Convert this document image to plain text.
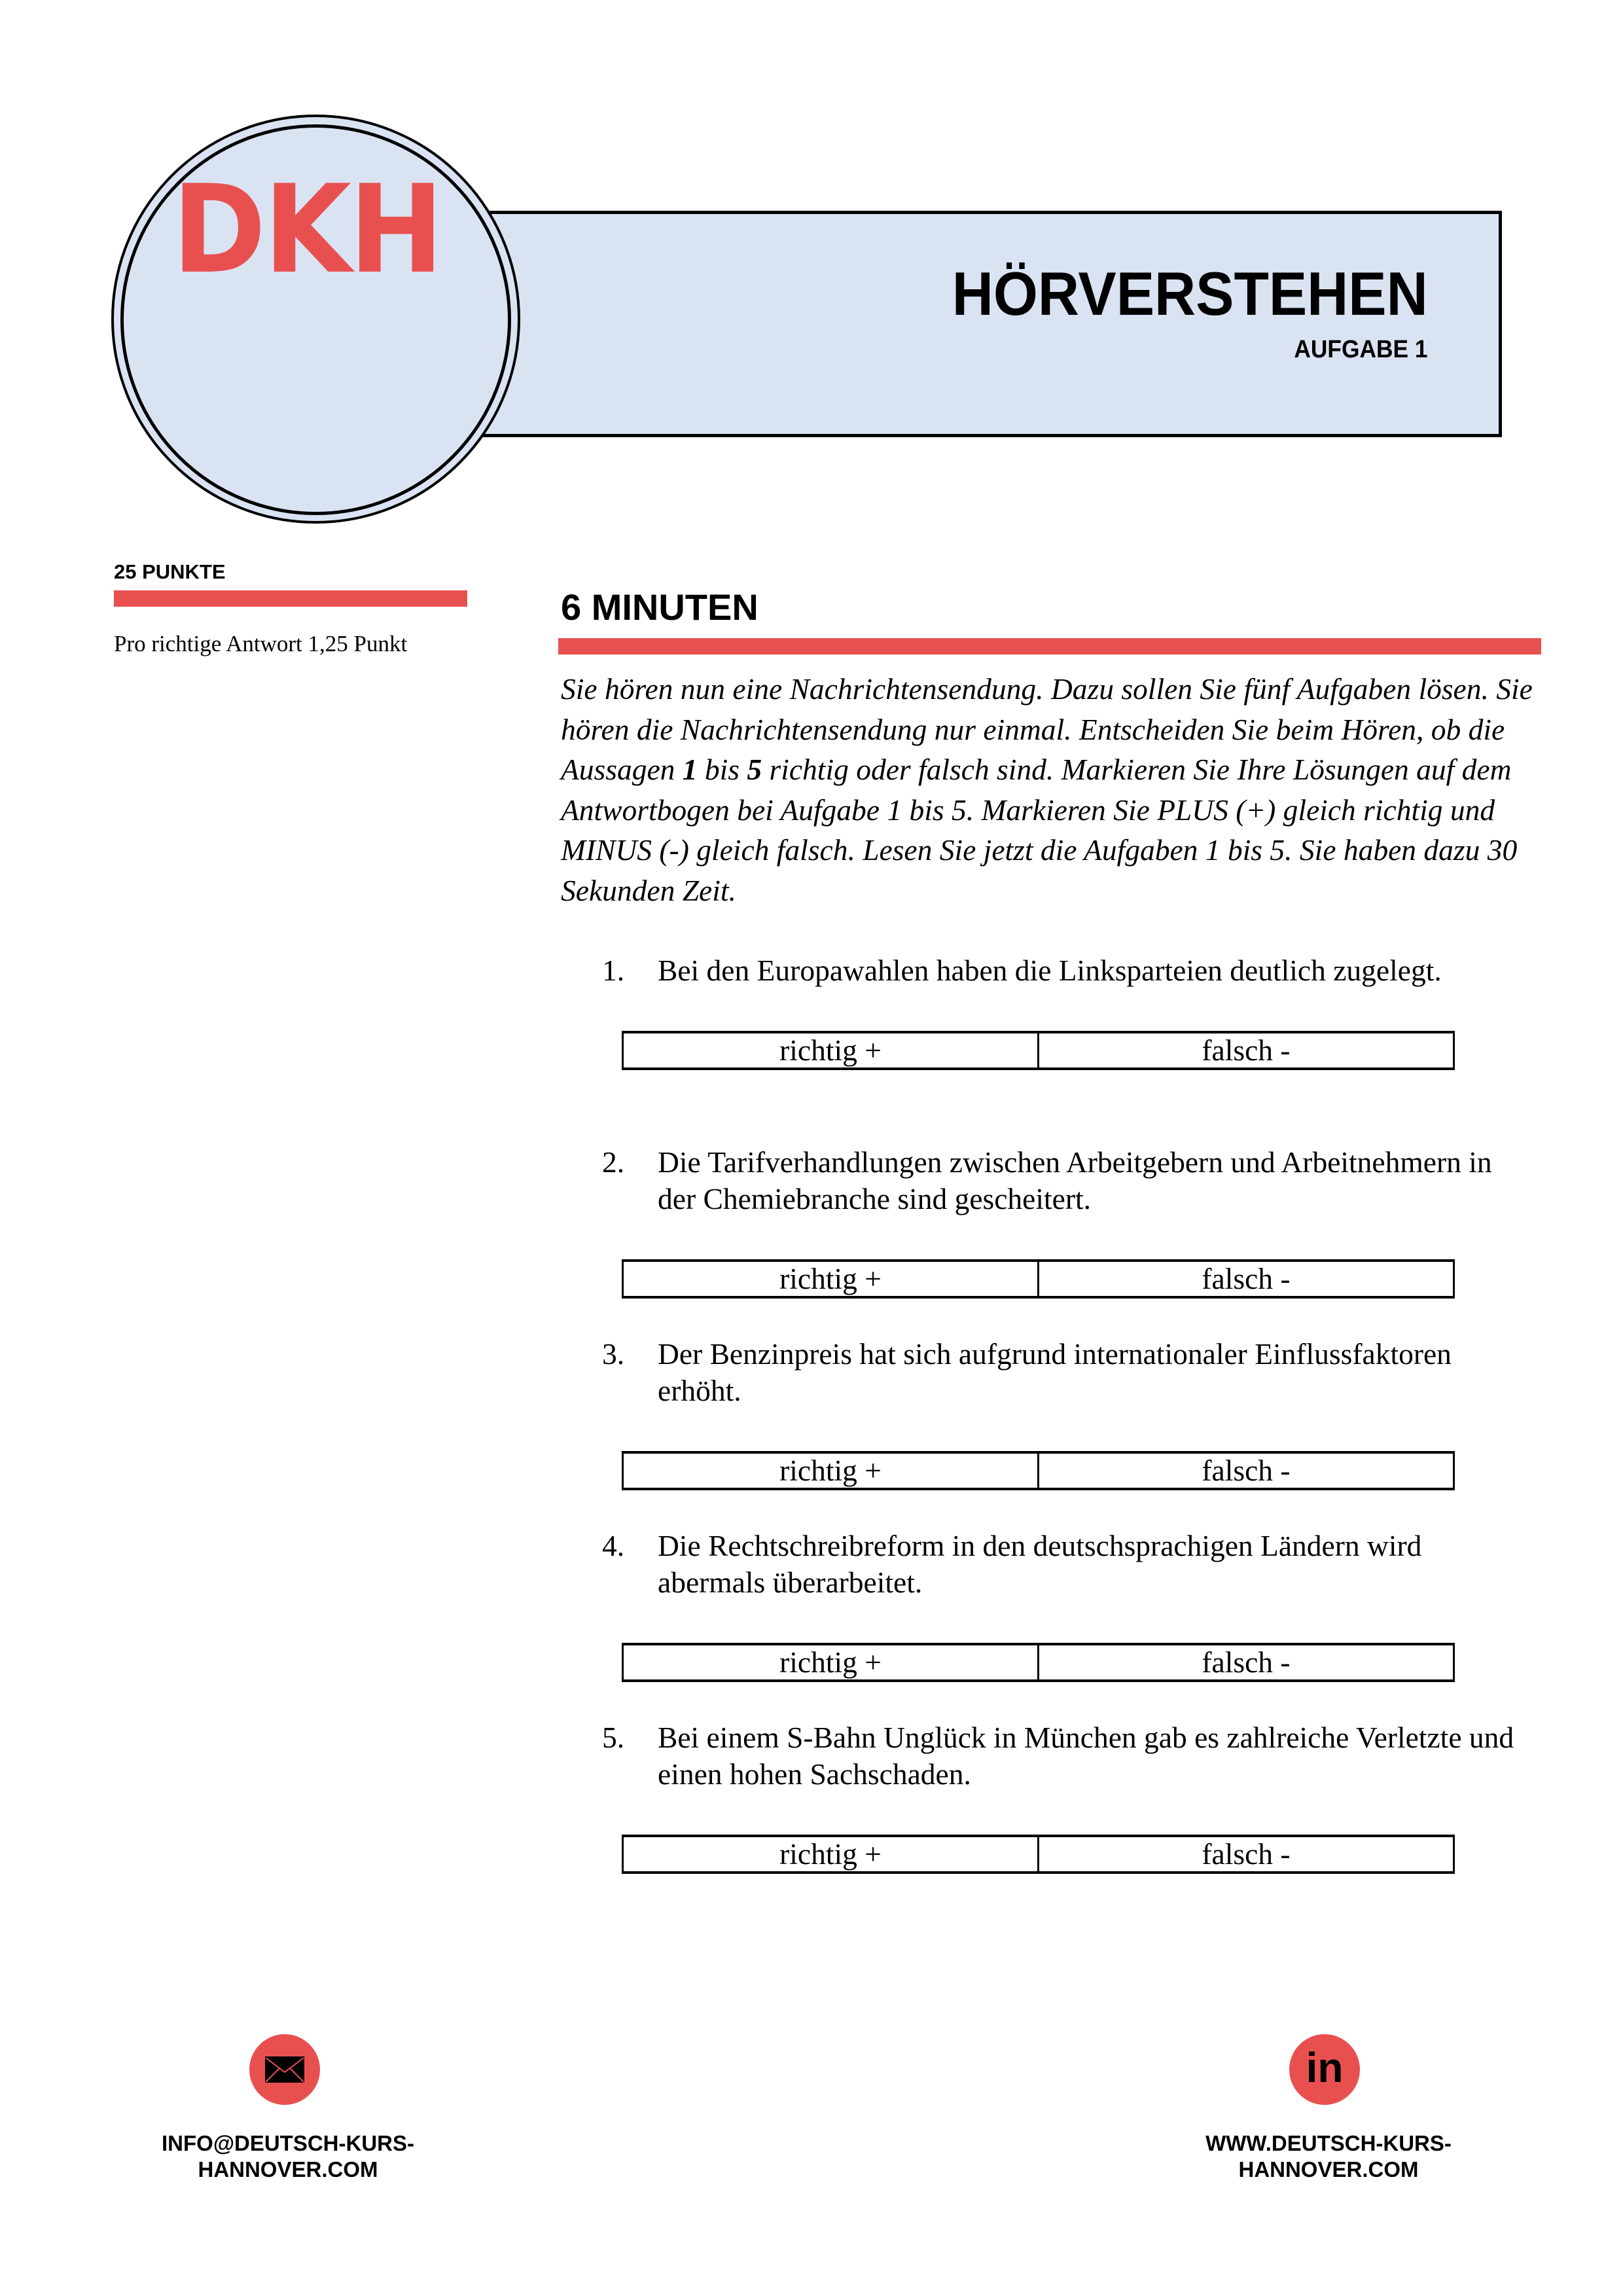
DKH	HÖRVERSTEHEN
AUFGABE 1
25 PUNKTE
Pro richtige Antwort 1,25 Punkt
6 MINUTEN
Sie hören nun eine Nachrichtensendung. Dazu sollen Sie fünf Aufgaben lösen. Sie hören die Nachrichtensendung nur einmal. Entscheiden Sie beim Hören, ob die Aussagen 1 bis 5 richtig oder falsch sind. Markieren Sie Ihre Lösungen auf dem Antwortbogen bei Aufgabe 1 bis 5. Markieren Sie PLUS (+) gleich richtig und MINUS (-) gleich falsch. Lesen Sie jetzt die Aufgaben 1 bis 5. Sie haben dazu 30 Sekunden Zeit.
1.	Bei den Europawahlen haben die Linksparteien deutlich zugelegt.
richtig +	falsch -
2.	Die Tarifverhandlungen zwischen Arbeitgebern und Arbeitnehmern in der Chemiebranche sind gescheitert.
richtig +	falsch -
3.	Der Benzinpreis hat sich aufgrund internationaler Einflussfaktoren erhöht.
richtig +	falsch -
4.	Die Rechtschreibreform in den deutschsprachigen Ländern wird abermals überarbeitet.
richtig +	falsch -
5.	Bei einem S-Bahn Unglück in München gab es zahlreiche Verletzte und einen hohen Sachschaden.
richtig +	falsch -
INFO@DEUTSCH-KURS-
HANNOVER.COM
in
WWW.DEUTSCH-KURS-
HANNOVER.COM
